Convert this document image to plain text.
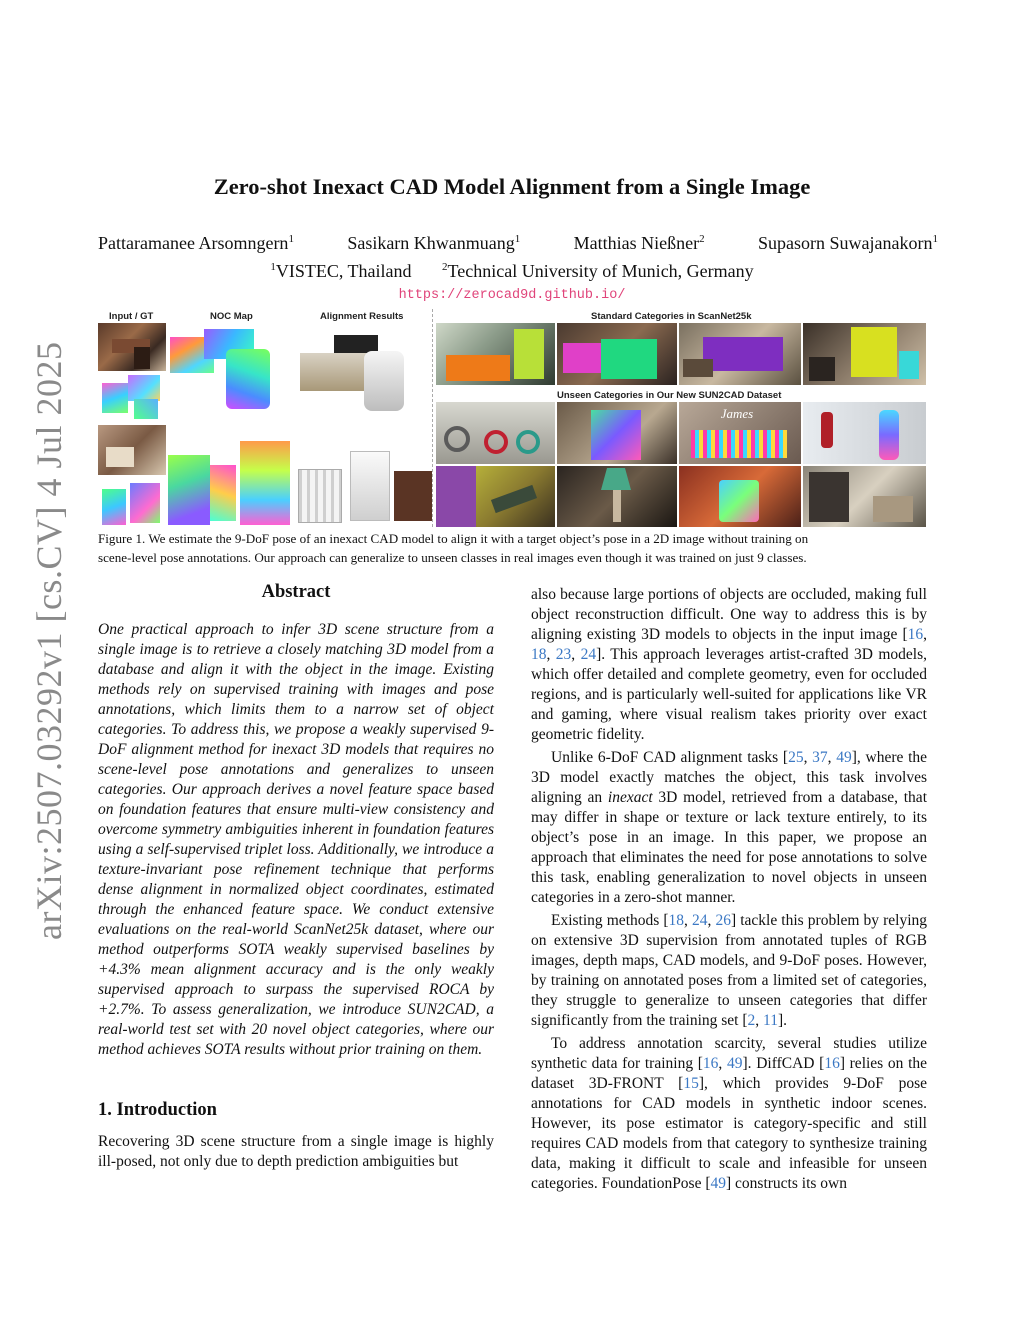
arXiv:2507.03292v1 [cs.CV] 4 Jul 2025
Zero-shot Inexact CAD Model Alignment from a Single Image
Pattaramanee Arsomngern$^1$	Sasikarn Khwanmuang$^1$	Matthias Nießner$^2$	Supasorn Suwajanakorn$^1$
$^1$VISTEC, Thailand	$^2$Technical University of Munich, Germany
https://zerocad9d.github.io/
Input / GT	NOC Map	Alignment Results	Standard Categories in ScanNet25k
Unseen Categories in Our New SUN2CAD Dataset
James
Figure 1. We estimate the 9-DoF pose of an inexact CAD model to align it with a target object’s pose in a 2D image without training on
scene-level pose annotations. Our approach can generalize to unseen classes in real images even though it was trained on just 9 classes.
Abstract
One practical approach to infer 3D scene structure from a single image is to retrieve a closely matching 3D model from a database and align it with the object in the image. Existing methods rely on supervised training with images and pose annotations, which limits them to a narrow set of object categories. To address this, we propose a weakly supervised 9-DoF alignment method for inexact 3D models that requires no scene-level pose annotations and generalizes to unseen categories. Our approach derives a novel feature space based on foundation features that ensure multi-view consistency and overcome symmetry ambiguities inherent in foundation features using a self-supervised triplet loss. Additionally, we introduce a texture-invariant pose refinement technique that performs dense alignment in normalized object coordinates, estimated through the enhanced feature space. We conduct extensive evaluations on the real-world ScanNet25k dataset, where our method outperforms SOTA weakly supervised baselines by +4.3% mean alignment accuracy and is the only weakly supervised approach to surpass the supervised ROCA by +2.7%. To assess generalization, we introduce SUN2CAD, a real-world test set with 20 novel object categories, where our method achieves SOTA results without prior training on them.
1. Introduction
Recovering 3D scene structure from a single image is highly ill-posed, not only due to depth prediction ambiguities but
also because large portions of objects are occluded, making full object reconstruction difficult. One way to address this is by aligning existing 3D models to objects in the input image [16, 18, 23, 24]. This approach leverages artist-crafted 3D models, which offer detailed and complete geometry, even for occluded regions, and is particularly well-suited for applications like VR and gaming, where visual realism takes priority over exact geometric fidelity.
Unlike 6-DoF CAD alignment tasks [25, 37, 49], where the 3D model exactly matches the object, this task involves aligning an inexact 3D model, retrieved from a database, that may differ in shape or texture or lack texture entirely, to its object’s pose in an image. In this paper, we propose an approach that eliminates the need for pose annotations to solve this task, enabling generalization to novel objects in unseen categories in a zero-shot manner.
Existing methods [18, 24, 26] tackle this problem by relying on extensive 3D supervision from annotated tuples of RGB images, depth maps, CAD models, and 9-DoF poses. However, by training on annotated poses from a limited set of categories, they struggle to generalize to unseen categories that differ significantly from the training set [2, 11].
To address annotation scarcity, several studies utilize synthetic data for training [16, 49]. DiffCAD [16] relies on the dataset 3D-FRONT [15], which provides 9-DoF pose annotations for CAD models in synthetic indoor scenes. However, its pose estimator is category-specific and still requires CAD models from that category to synthesize training data, making it difficult to scale and infeasible for unseen categories. FoundationPose [49] constructs its own
